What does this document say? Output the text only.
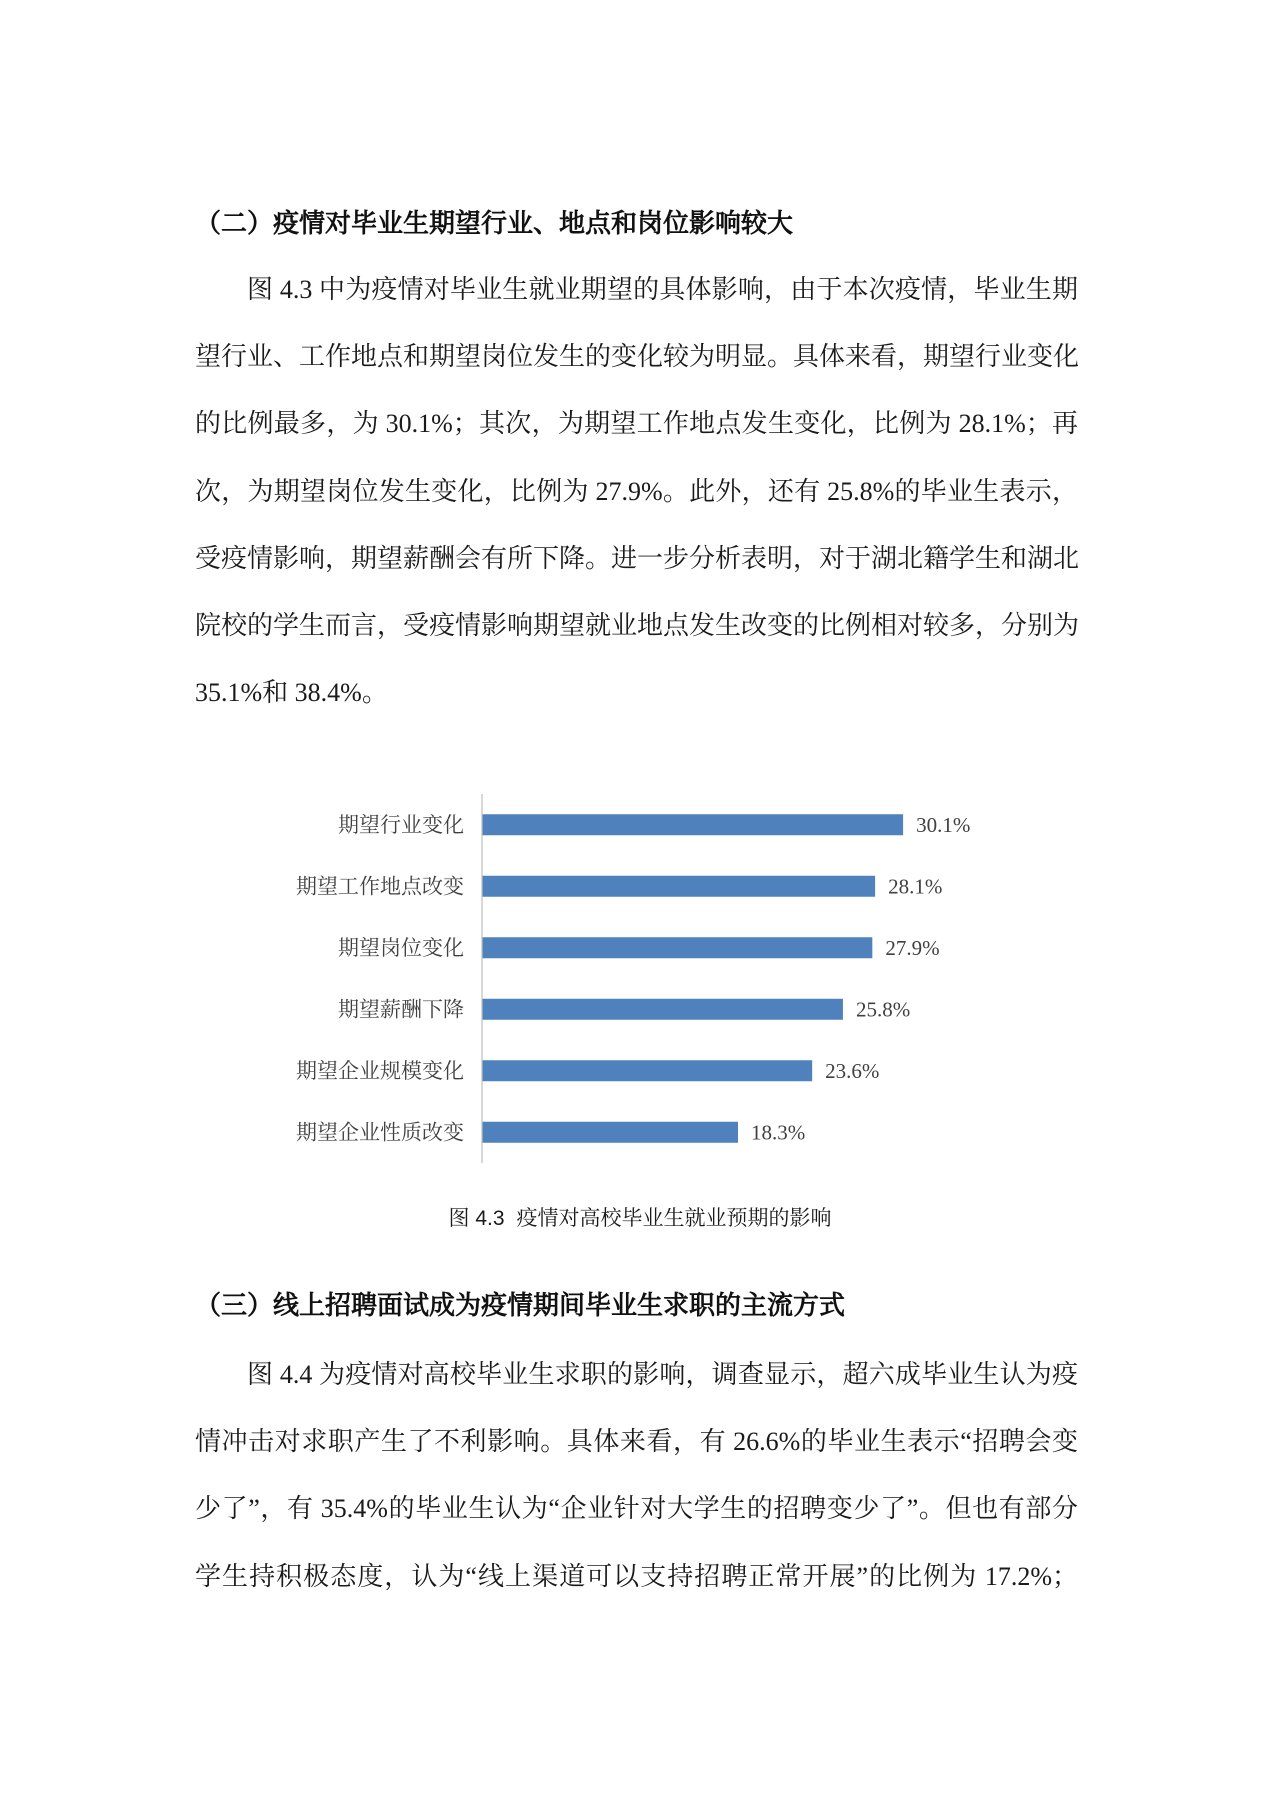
（二）疫情对毕业生期望行业、地点和岗位影响较大
图 4.3 中为疫情对毕业生就业期望的具体影响，由于本次疫情，毕业生期
望行业、工作地点和期望岗位发生的变化较为明显。具体来看，期望行业变化
的比例最多，为 30.1%；其次，为期望工作地点发生变化，比例为 28.1%；再
次，为期望岗位发生变化，比例为 27.9%。此外，还有 25.8%的毕业生表示，
受疫情影响，期望薪酬会有所下降。进一步分析表明，对于湖北籍学生和湖北
院校的学生而言，受疫情影响期望就业地点发生改变的比例相对较多，分别为
35.1%和 38.4%。
期望行业变化	30.1%
期望工作地点改变	28.1%
期望岗位变化	27.9%
期望薪酬下降	25.8%
期望企业规模变化	23.6%
期望企业性质改变	18.3%
图 4.3 疫情对高校毕业生就业预期的影响
（三）线上招聘面试成为疫情期间毕业生求职的主流方式
图 4.4 为疫情对高校毕业生求职的影响，调查显示，超六成毕业生认为疫
情冲击对求职产生了不利影响。具体来看，有 26.6%的毕业生表示“招聘会变
少了”，有 35.4%的毕业生认为“企业针对大学生的招聘变少了”。但也有部分
学生持积极态度，认为“线上渠道可以支持招聘正常开展”的比例为 17.2%；
